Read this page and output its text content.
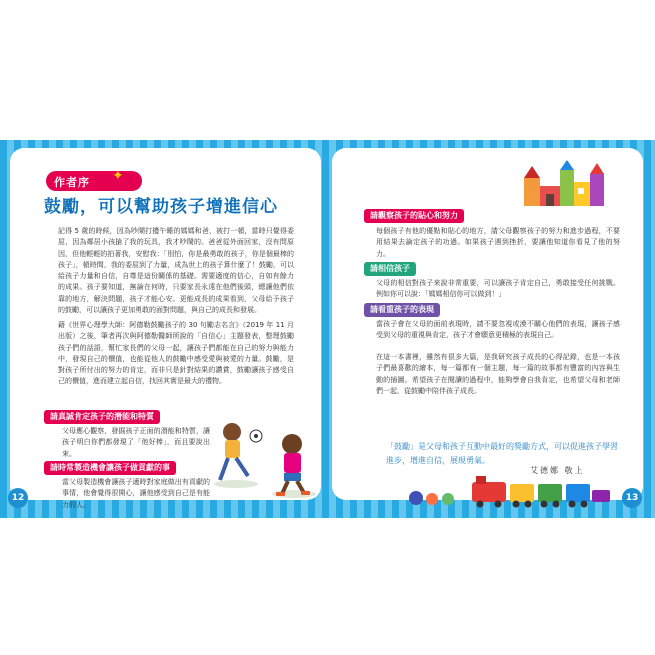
作者序 ✦
鼓勵，可以幫助孩子增進信心

記得 5 歲的時候，因為吵鬧打擾午睡的媽媽和爸，被打一頓，當時只覺得委屈，因為鄰居小孩搶了我的玩具，我才吵鬧的。爸爸從外面回家，沒有問原因，但他輕輕的拍著我，安慰我：「別怕，你是最勇敢的孩子，你是個最棒的孩子」，頓時間，我的委屈到了力量，成為世上的孩子算什麼了！鼓勵，可以給孩子力量和自信，自尊是這份關係的基礎。需要適度的信心，自如有餘力的成果。孩子要知道，無論在何時，只要家長永遠在他們後頭，總讓他們依靠的地方，解決問題，孩子才能心安。更能成長的成果看到，父母給予孩子的鼓勵，可以讓孩子更加勇敢的面對問題，與自己的成長和發展。

藉《世界心理學大師：阿德勒鼓勵孩子的 30 句勵志名言》（2019 年 11 月出版）之後，筆者再次與阿德勒醫師所說的「自信心」主題發表，整理鼓勵孩子們的話語，幫忙家長們的父母一起，讓孩子們都能在自己的努力與能力中，發現自己的價值，也能從他人的鼓勵中感受愛與被愛的力量。鼓勵，是對孩子所付出的努力的肯定，而非只是針對結果的讚賞，鼓勵讓孩子感受自己的價值，進而建立起自信，找回其實是最大的禮物。

請真誠肯定孩子的潛能和特質

父母應心觀察，發掘孩子正面的潛能和特質，讓孩子明白你們都發現了「他好棒」，而且要說出來。

請時常製造機會讓孩子做貢獻的事

當父母製造機會讓孩子適時對家庭做出有貢獻的事情，他會覺得很開心，讓他感受到自己是有能力的人。

12
請觀察孩子的貼心和努力

每個孩子有他的優點和貼心的地方，請父母觀察孩子的努力和進步過程，不要用結果去論定孩子的功過。如果孩子遇到挫折，要讓他知道你看見了他的努力。

請相信孩子

父母的相信對孩子來說非常重要，可以讓孩子肯定自己，勇敢接受任何挑戰。例如你可以說：「媽媽相信你可以做到！」

請看重孩子的表現

當孩子會在父母的面前表現時，請不要忽視或漠不關心他們的表現，讓孩子感受到父母的重視與肯定，孩子才會願意更積極的表現自己。

在這一本書裡，雖然有很多大篇，是我研究孩子成長的心得記錄，也是一本孩子們最喜歡的繪本，每一篇都有一個主題，每一篇的故事都有豐富的內容與生動的插圖。希望孩子在閱讀的過程中，能夠學會自我肯定，也希望父母和老師們一起，從鼓勵中陪伴孩子成長。

「鼓勵」是父母和孩子互動中最好的獎勵方式，可以促進孩子學習進步，增進自信，展現勇氣。

艾德娜 敬上
13
